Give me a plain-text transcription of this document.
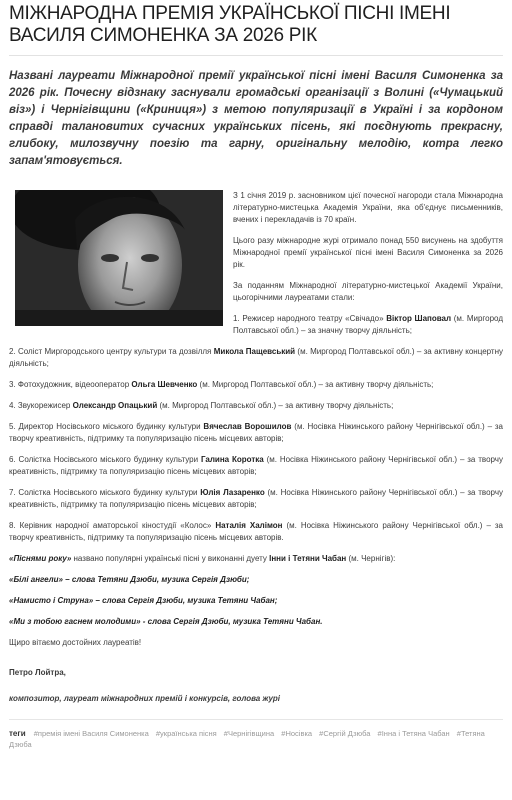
МІЖНАРОДНА ПРЕМІЯ УКРАЇНСЬКОЇ ПІСНІ ІМЕНІ ВАСИЛЯ СИМОНЕНКА ЗА 2026 РІК

Названі лауреати Міжнародної премії української пісні імені Василя Симоненка за 2026 рік. Почесну відзнаку заснували громадські організації з Волині («Чумацький віз») і Чернігівщини («Криниця») з метою популяризації в Україні і за кордоном справді талановитих сучасних українських пісень, які поєднують прекрасну, глибоку, милозвучну поезію та гарну, оригінальну мелодію, котра легко запам'ятовується.

З 1 січня 2019 р. засновником цієї почесної нагороди стала Міжнародна літературно-мистецька Академія України, яка об'єднує письменників, вчених і перекладачів із 70 країн.

Цього разу міжнародне журі отримало понад 550 висунень на здобуття Міжнародної премії української пісні імені Василя Симоненка за 2026 рік.

За поданням Міжнародної літературно-мистецької Академії України, цьогорічними лауреатами стали:

1. Режисер народного театру «Свічадо» Віктор Шаповал (м. Миргород Полтавської обл.) – за значну творчу діяльність;

2. Соліст Миргородського центру культури та дозвілля Микола Пащевський (м. Миргород Полтавської обл.) – за активну концертну діяльність;

3. Фотохудожник, відеооператор Ольга Шевченко (м. Миргород Полтавської обл.) – за активну творчу діяльність;

4. Звукорежисер Олександр Опацький (м. Миргород Полтавської обл.) – за активну творчу діяльність;

5. Директор Носівського міського будинку культури Вячеслав Ворошилов (м. Носівка Ніжинського району Чернігівської обл.) – за творчу креативність, підтримку та популяризацію пісень місцевих авторів;

6. Солістка Носівського міського будинку культури Галина Коротка (м. Носівка Ніжинського району Чернігівської обл.) – за творчу креативність, підтримку та популяризацію пісень місцевих авторів;

7. Солістка Носівського міського будинку культури Юлія Лазаренко (м. Носівка Ніжинського району Чернігівської обл.) – за творчу креативність, підтримку та популяризацію пісень місцевих авторів;

8. Керівник народної аматорської кіностудії «Колос» Наталія Халімон (м. Носівка Ніжинського району Чернігівської обл.) – за творчу креативність, підтримку та популяризацію пісень місцевих авторів.

«Піснями року» названо популярні українські пісні у виконанні дуету Інни і Тетяни Чабан (м. Чернігів):

«Білі ангели» – слова Тетяни Дзюби, музика Сергія Дзюби;

«Намисто і Струна» – слова Сергія Дзюби, музика Тетяни Чабан;

«Ми з тобою гаснем молодими» - слова Сергія Дзюби, музика Тетяни Чабан.

Щиро вітаємо достойних лауреатів!

Петро Лойтра,
композитор, лауреат міжнародних премій і конкурсів, голова журі
теги #премія імені Василя Симоненка #українська пісня #Чернігівщина #Носівка #Сергій Дзюба #Інна і Тетяна Чабан #Тетяна Дзюба
